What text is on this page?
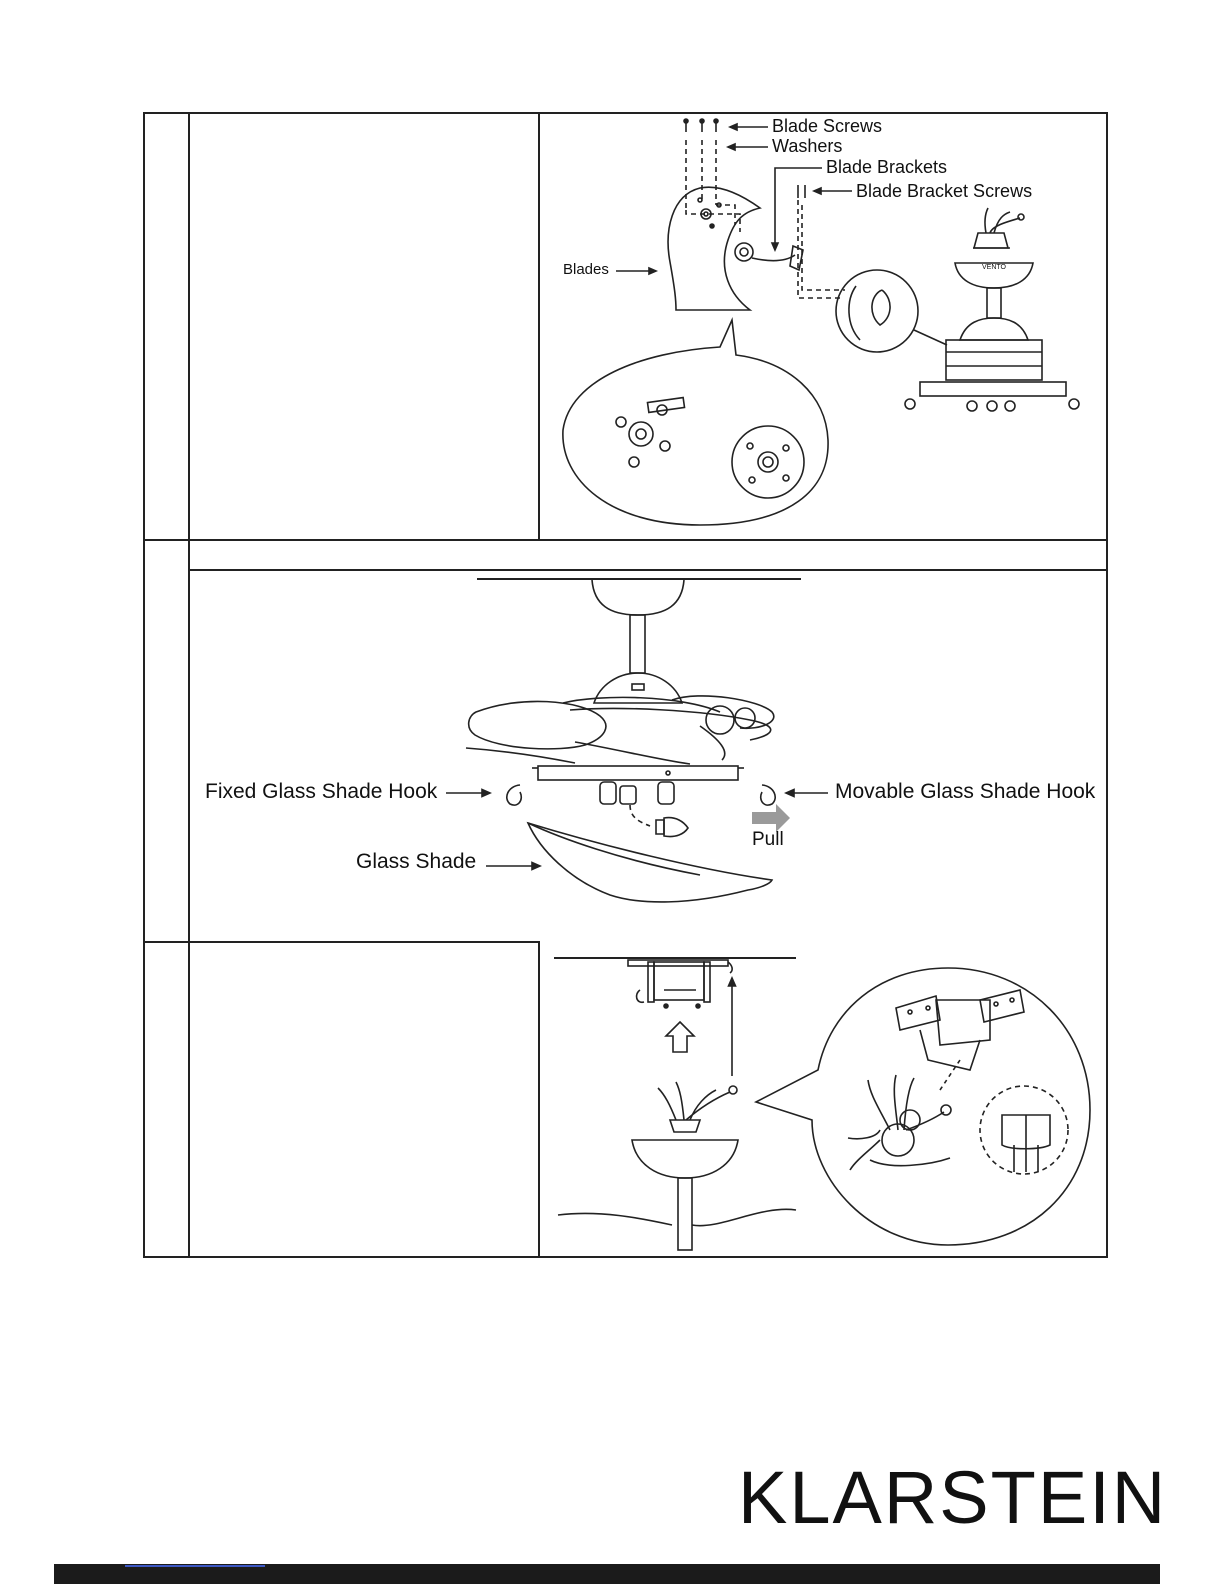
Blade Screws
Washers
Blade Brackets
Blade Bracket Screws
Blades	VENTO
Fixed Glass Shade Hook	Movable Glass Shade Hook
Pull
Glass Shade
KLARSTEIN
